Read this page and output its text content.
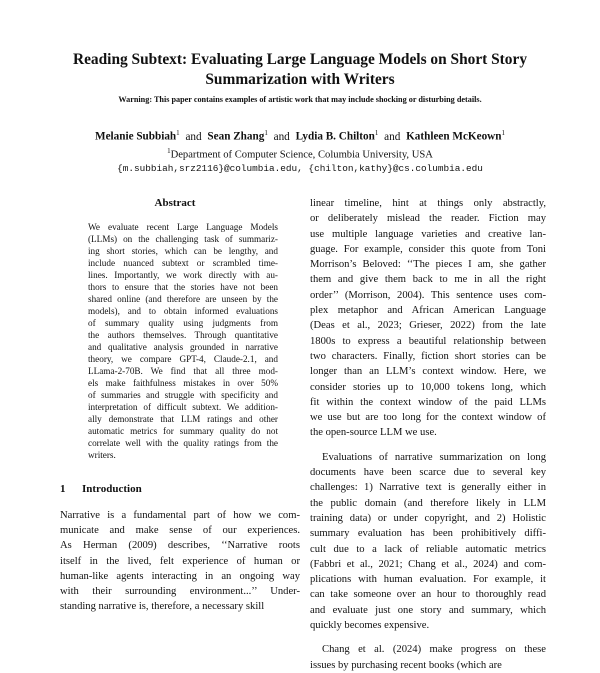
Reading Subtext: Evaluating Large Language Models on Short Story
Summarization with Writers
Warning: This paper contains examples of artistic work that may include shocking or disturbing details.
Melanie Subbiah$^1$ and Sean Zhang$^1$ and Lydia B. Chilton$^1$ and Kathleen McKeown$^1$
$^1$Department of Computer Science, Columbia University, USA
{m.subbiah,srz2116}@columbia.edu, {chilton,kathy}@cs.columbia.edu
Abstract
We evaluate recent Large Language Models
(LLMs) on the challenging task of summariz-
ing short stories, which can be lengthy, and
include nuanced subtext or scrambled time-
lines. Importantly, we work directly with au-
thors to ensure that the stories have not been
shared online (and therefore are unseen by the
models), and to obtain informed evaluations
of summary quality using judgments from
the authors themselves. Through quantitative
and qualitative analysis grounded in narrative
theory, we compare GPT-4, Claude-2.1, and
LLama-2-70B. We find that all three mod-
els make faithfulness mistakes in over 50%
of summaries and struggle with specificity and
interpretation of difficult subtext. We addition-
ally demonstrate that LLM ratings and other
automatic metrics for summary quality do not
correlate well with the quality ratings from the
writers.
1 Introduction
Narrative is a fundamental part of how we com-
municate and make sense of our experiences.
As Herman (2009) describes, ‘‘Narrative roots
itself in the lived, felt experience of human or
human-like agents interacting in an ongoing way
with their surrounding environment...’’ Under-
standing narrative is, therefore, a necessary skill
linear timeline, hint at things only abstractly,
or deliberately mislead the reader. Fiction may
use multiple language varieties and creative lan-
guage. For example, consider this quote from Toni
Morrison’s Beloved: ‘‘The pieces I am, she gather
them and give them back to me in all the right
order’’ (Morrison, 2004). This sentence uses com-
plex metaphor and African American Language
(Deas et al., 2023; Grieser, 2022) from the late
1800s to express a beautiful relationship between
two characters. Finally, fiction short stories can be
longer than an LLM’s context window. Here, we
consider stories up to 10,000 tokens long, which
fit within the context window of the paid LLMs
we use but are too long for the context window of
the open-source LLM we use.
Evaluations of narrative summarization on long
documents have been scarce due to several key
challenges: 1) Narrative text is generally either in
the public domain (and therefore likely in LLM
training data) or under copyright, and 2) Holistic
summary evaluation has been prohibitively diffi-
cult due to a lack of reliable automatic metrics
(Fabbri et al., 2021; Chang et al., 2024) and com-
plications with human evaluation. For example, it
can take someone over an hour to thoroughly read
and evaluate just one story and summary, which
quickly becomes expensive.
Chang et al. (2024) make progress on these
issues by purchasing recent books (which are
